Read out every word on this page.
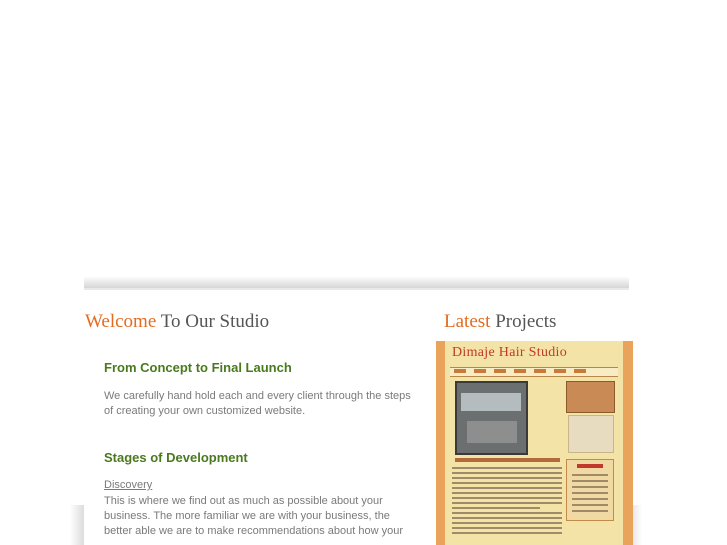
Welcome To Our Studio
From Concept to Final Launch
We carefully hand hold each and every client through the steps of creating your own customized website.
Stages of Development
Discovery
This is where we find out as much as possible about your business. The more familiar we are with your business, the better able we are to make recommendations about how your
Latest Projects
Dimaje Hair Studio
